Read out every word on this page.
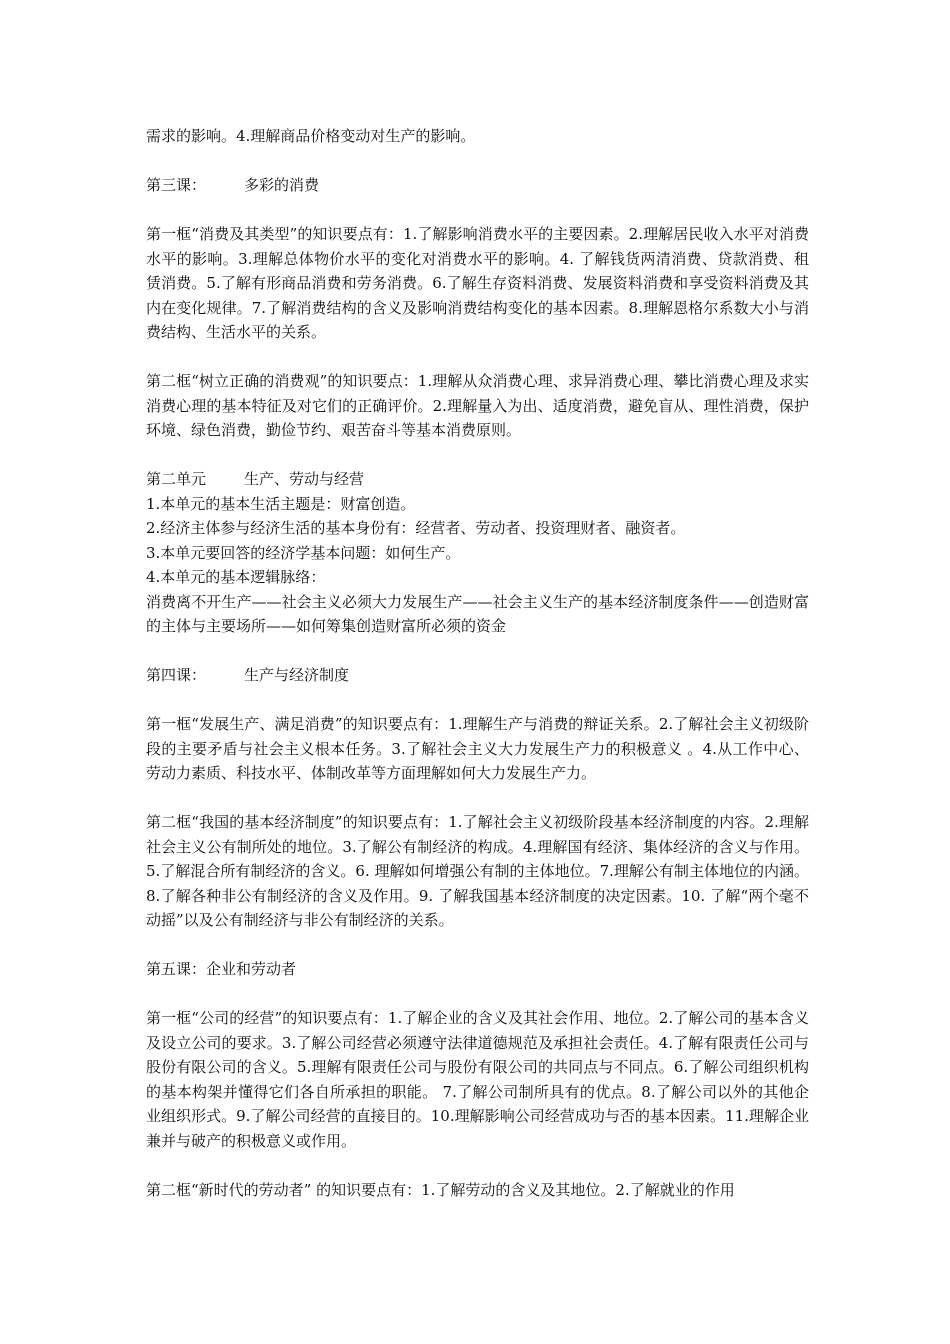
需求的影响。4.理解商品价格变动对生产的影响。

第三课：	多彩的消费

第一框“消费及其类型”的知识要点有：1.了解影响消费水平的主要因素。2.理解居民收入水平对消费水平的影响。3.理解总体物价水平的变化对消费水平的影响。4. 了解钱货两清消费、贷款消费、租赁消费。5.了解有形商品消费和劳务消费。6.了解生存资料消费、发展资料消费和享受资料消费及其内在变化规律。7.了解消费结构的含义及影响消费结构变化的基本因素。8.理解恩格尔系数大小与消费结构、生活水平的关系。

第二框“树立正确的消费观”的知识要点：1.理解从众消费心理、求异消费心理、攀比消费心理及求实消费心理的基本特征及对它们的正确评价。2.理解量入为出、适度消费，避免盲从、理性消费，保护环境、绿色消费，勤俭节约、艰苦奋斗等基本消费原则。

第二单元	生产、劳动与经营

1.本单元的基本生活主题是：财富创造。

2.经济主体参与经济生活的基本身份有：经营者、劳动者、投资理财者、融资者。

3.本单元要回答的经济学基本问题：如何生产。

4.本单元的基本逻辑脉络：

消费离不开生产——社会主义必须大力发展生产——社会主义生产的基本经济制度条件——创造财富的主体与主要场所——如何筹集创造财富所必须的资金

第四课：	生产与经济制度

第一框“发展生产、满足消费”的知识要点有：1.理解生产与消费的辩证关系。2.了解社会主义初级阶段的主要矛盾与社会主义根本任务。3.了解社会主义大力发展生产力的积极意义 。4.从工作中心、劳动力素质、科技水平、体制改革等方面理解如何大力发展生产力。

第二框“我国的基本经济制度”的知识要点有：1.了解社会主义初级阶段基本经济制度的内容。2.理解社会主义公有制所处的地位。3.了解公有制经济的构成。4.理解国有经济、集体经济的含义与作用。5.了解混合所有制经济的含义。6. 理解如何增强公有制的主体地位。7.理解公有制主体地位的内涵。8.了解各种非公有制经济的含义及作用。9. 了解我国基本经济制度的决定因素。10. 了解“两个毫不动摇”以及公有制经济与非公有制经济的关系。

第五课：企业和劳动者

第一框“公司的经营”的知识要点有：1.了解企业的含义及其社会作用、地位。2.了解公司的基本含义及设立公司的要求。3.了解公司经营必须遵守法律道德规范及承担社会责任。4.了解有限责任公司与股份有限公司的含义。5.理解有限责任公司与股份有限公司的共同点与不同点。6.了解公司组织机构的基本构架并懂得它们各自所承担的职能。 7.了解公司制所具有的优点。8.了解公司以外的其他企业组织形式。9.了解公司经营的直接目的。10.理解影响公司经营成功与否的基本因素。11.理解企业兼并与破产的积极意义或作用。

第二框“新时代的劳动者” 的知识要点有：1.了解劳动的含义及其地位。2.了解就业的作用
